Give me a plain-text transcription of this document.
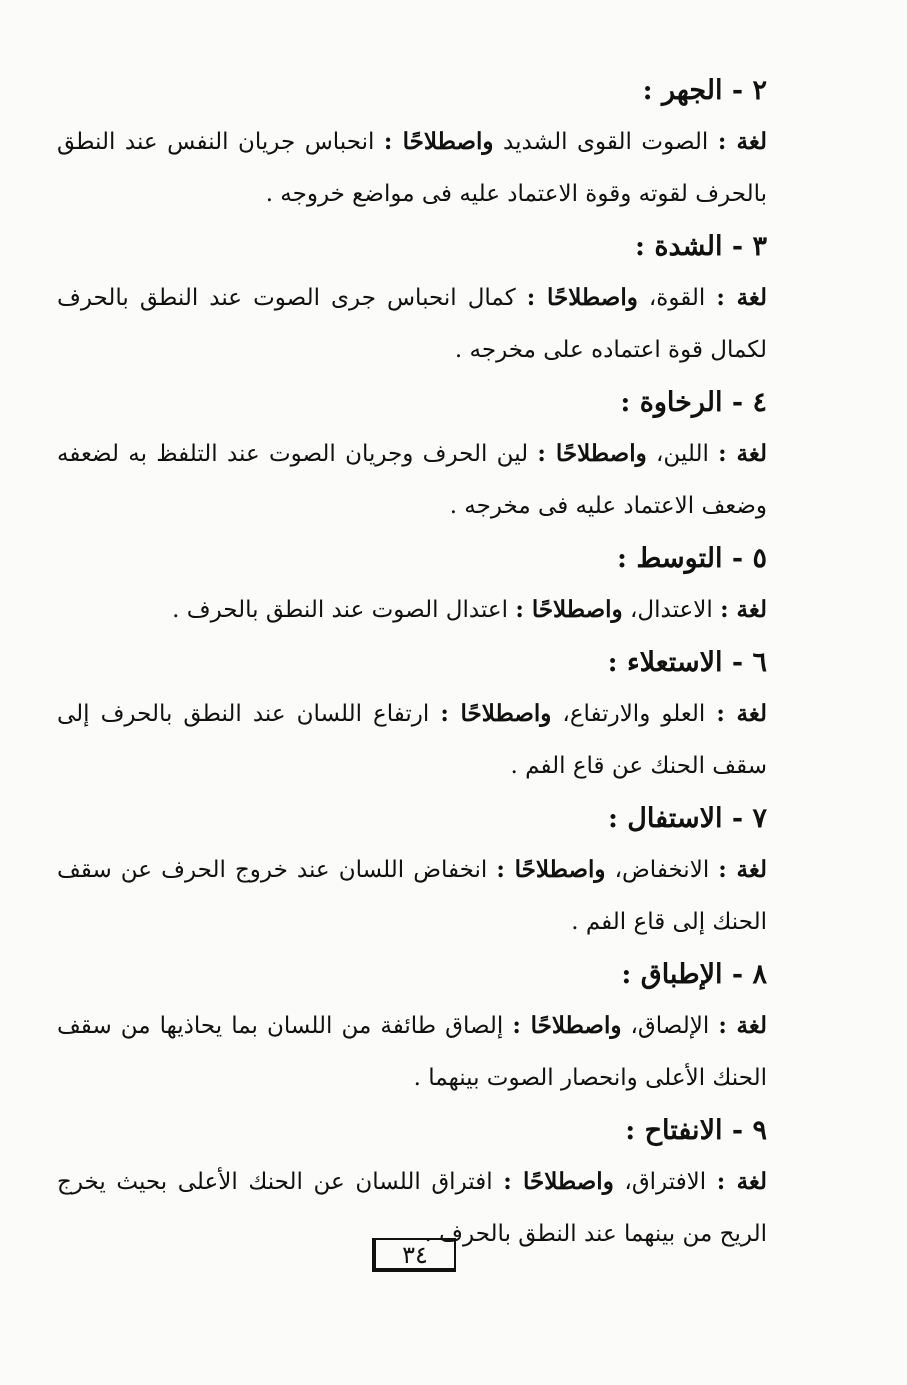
٢ - الجهر :

لغة : الصوت القوى الشديد واصطلاحًا : انحباس جريان النفس عند النطق بالحرف لقوته وقوة الاعتماد عليه فى مواضع خروجه .

٣ - الشدة :

لغة : القوة، واصطلاحًا : كمال انحباس جرى الصوت عند النطق بالحرف لكمال قوة اعتماده على مخرجه .

٤ - الرخاوة :

لغة : اللين، واصطلاحًا : لين الحرف وجريان الصوت عند التلفظ به لضعفه وضعف الاعتماد عليه فى مخرجه .

٥ - التوسط :

لغة : الاعتدال، واصطلاحًا : اعتدال الصوت عند النطق بالحرف .

٦ - الاستعلاء :

لغة : العلو والارتفاع، واصطلاحًا : ارتفاع اللسان عند النطق بالحرف إلى سقف الحنك عن قاع الفم .

٧ - الاستفال :

لغة : الانخفاض، واصطلاحًا : انخفاض اللسان عند خروج الحرف عن سقف الحنك إلى قاع الفم .

٨ - الإطباق :

لغة : الإلصاق، واصطلاحًا : إلصاق طائفة من اللسان بما يحاذيها من سقف الحنك الأعلى وانحصار الصوت بينهما .

٩ - الانفتاح :

لغة : الافتراق، واصطلاحًا : افتراق اللسان عن الحنك الأعلى بحيث يخرج الريح من بينهما عند النطق بالحرف .

٣٤
